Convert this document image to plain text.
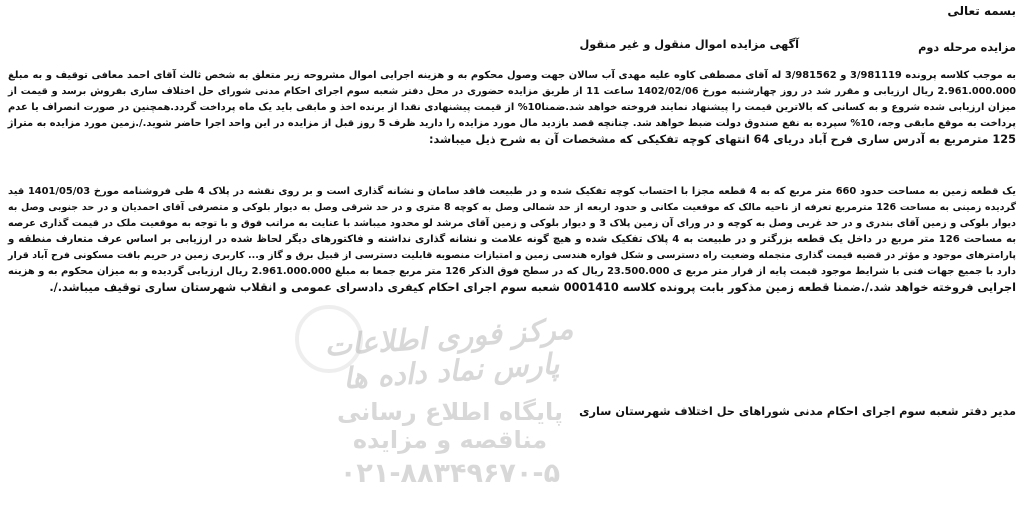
بسمه تعالی
آگهی مزایده اموال منقول و غیر منقول	مزایده مرحله دوم
به موجب کلاسه پرونده 3/981119 و 3/981562 له آقای مصطفی کاوه علیه مهدی آب سالان جهت وصول محکوم به و هزینه اجرایی اموال مشروحه زیر متعلق به شخص ثالث آقای احمد معافی توقیف و به مبلغ
2.961.000.000 ریال ارزیابی و مقرر شد در روز چهارشنبه مورخ 1402/02/06 ساعت 11 از طریق مزایده حضوری در محل دفتر شعبه سوم اجرای احکام مدنی شورای حل اختلاف ساری بفروش برسد و قیمت از
میزان ارزیابی شده شروع و به کسانی که بالاترین قیمت را پیشنهاد نمایند فروخته خواهد شد.ضمنا10% از قیمت پیشنهادی نقدا از برنده اخذ و مابقی باید یک ماه پرداخت گردد.همچنین در صورت انصراف یا عدم
پرداخت به موقع مابقی وجه، 10% سپرده به نفع صندوق دولت ضبط خواهد شد. چنانچه قصد بازدید مال مورد مزایده را دارید ظرف 5 روز قبل از مزایده در این واحد اجرا حاضر شوید./.زمین مورد مزایده به متراژ
125 مترمربع به آدرس ساری فرح آباد دریای 64 انتهای کوچه تفکیکی که مشخصات آن به شرح ذیل میباشد:
یک قطعه زمین به مساحت حدود 660 متر مربع که به 4 قطعه مجزا با احتساب کوچه تفکیک شده و در طبیعت فاقد سامان و نشانه گذاری است و بر روی نقشه در پلاک 4 طی فروشنامه مورخ 1401/05/03 قید
گردیده زمینی به مساحت 126 مترمربع تعرفه از ناحیه مالک که موقعیت مکانی و حدود اربعه از حد شمالی وصل به کوچه 8 متری و در حد شرقی وصل به دیوار بلوکی و متصرفی آقای احمدیان و در حد جنوبی وصل به
دیوار بلوکی و زمین آقای بندری و در حد غربی وصل به کوچه و در ورای آن زمین پلاک 3 و دیوار بلوکی و زمین آقای مرشد لو محدود میباشد با عنایت به مراتب فوق و با توجه به موقعیت ملک در قیمت گذاری عرصه
به مساحت 126 متر مربع در داخل یک قطعه بزرگتر و در طبیعت به 4 پلاک تفکیک شده و هیچ گونه علامت و نشانه گذاری نداشته و فاکتورهای دیگر لحاظ شده در ارزیابی بر اساس عرف متعارف منطقه و
پارامترهای موجود و مؤثر در قضیه قیمت گذاری متجمله وضعیت راه دسترسی و شکل قواره هندسی زمین و امتیازات منصوبه قابلیت دسترسی از قبیل برق و گاز و... کاربری زمین در حریم بافت مسکونی فرح آباد قرار
دارد با جمیع جهات فنی با شرایط موجود قیمت پایه از قرار متر مربع ی 23.500.000 ریال که در سطح فوق الذکر 126 متر مربع جمعا به مبلغ 2.961.000.000 ریال ارزیابی گردیده و به میزان محکوم به و هزینه
اجرایی فروخته خواهد شد./.ضمنا قطعه زمین مذکور بابت پرونده کلاسه 0001410 شعبه سوم اجرای احکام کیفری دادسرای عمومی و انقلاب شهرستان ساری توقیف میباشد./.
مرکز فوری اطلاعات پارس نماد داده ها
پایگاه اطلاع رسانی مناقصه و مزایده
۰۲۱-۸۸۳۴۹۶۷۰-۵
مدیر دفتر شعبه سوم اجرای احکام مدنی شوراهای حل اختلاف شهرستان ساری
